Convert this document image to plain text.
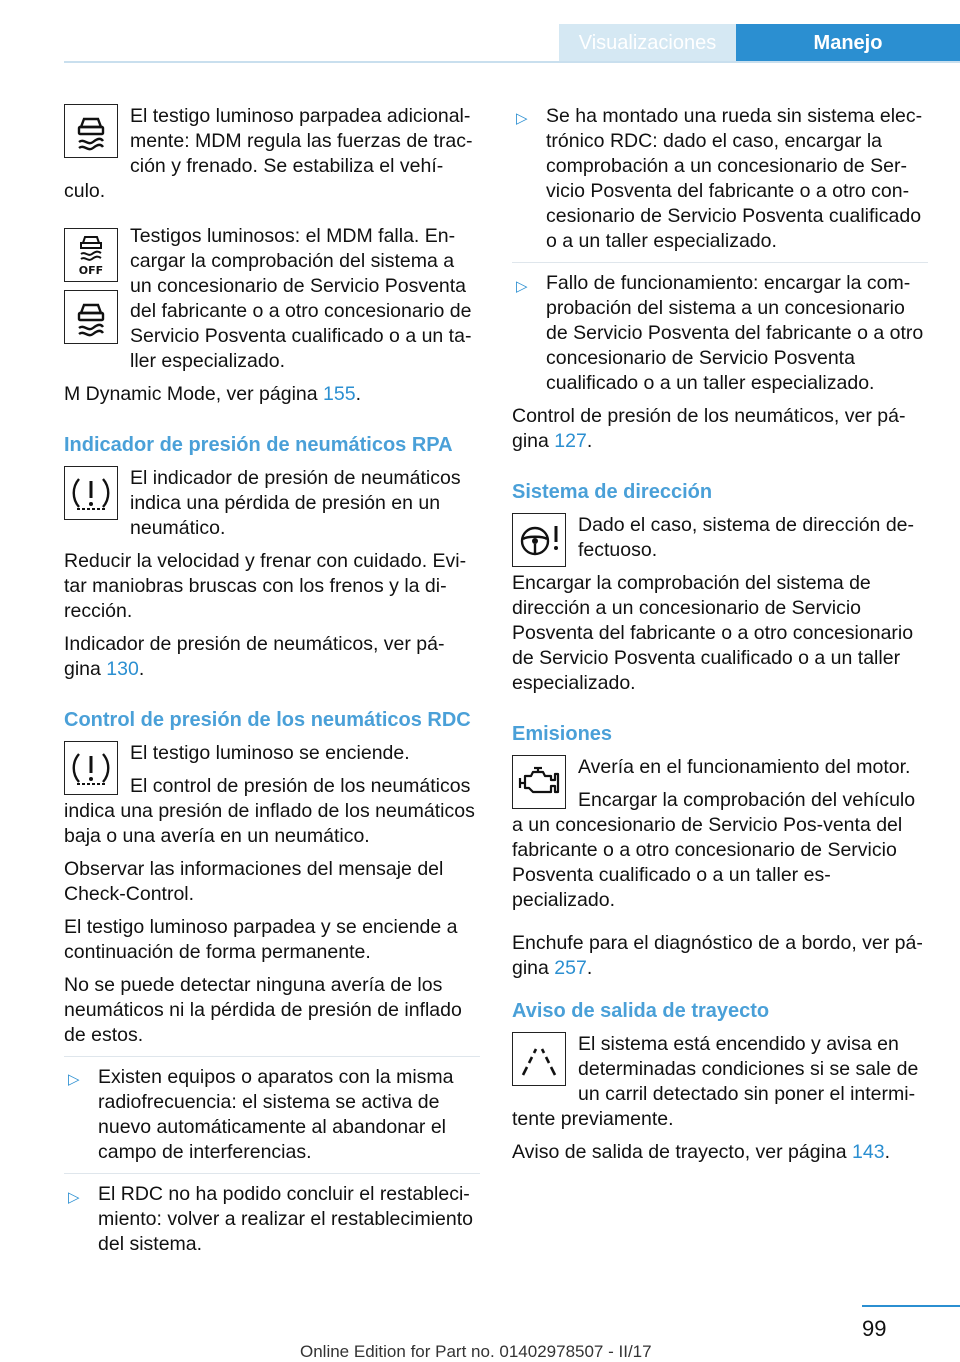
Visualizaciones	Manejo

El testigo luminoso parpadea adicional‐mente: MDM regula las fuerzas de trac‐ción y frenado. Se estabiliza el vehí‐culo.

OFF

Testigos luminosos: el MDM falla. En‐cargar la comprobación del sistema a un concesionario de Servicio Posventa del fabricante o a otro concesionario de Servicio Posventa cualificado o a un ta‐ller especializado.

M Dynamic Mode, ver página 155.

Indicador de presión de neumáticos RPA

El indicador de presión de neumáticos indica una pérdida de presión en un neumático.

Reducir la velocidad y frenar con cuidado. Evi‐tar maniobras bruscas con los frenos y la di‐rección.

Indicador de presión de neumáticos, ver pá‐gina 130.

Control de presión de los neumáticos RDC

El testigo luminoso se enciende.

El control de presión de los neumáticos indica una presión de inflado de los neumáticos baja o una avería en un neumático.

Observar las informaciones del mensaje del Check-Control.

El testigo luminoso parpadea y se enciende a continuación de forma permanente.

No se puede detectar ninguna avería de los neumáticos ni la pérdida de presión de inflado de estos.

▷ Existen equipos o aparatos con la misma radiofrecuencia: el sistema se activa de nuevo automáticamente al abandonar el campo de interferencias.
▷ El RDC no ha podido concluir el restableci‐miento: volver a realizar el restablecimiento del sistema.
▷ Se ha montado una rueda sin sistema elec‐trónico RDC: dado el caso, encargar la comprobación a un concesionario de Ser‐vicio Posventa del fabricante o a otro con‐cesionario de Servicio Posventa cualificado o a un taller especializado.
▷ Fallo de funcionamiento: encargar la com‐probación del sistema a un concesionario de Servicio Posventa del fabricante o a otro concesionario de Servicio Posventa cualificado o a un taller especializado.

Control de presión de los neumáticos, ver pá‐gina 127.

Sistema de dirección

Dado el caso, sistema de dirección de‐fectuoso.

Encargar la comprobación del sistema de dirección a un concesionario de Servicio Posventa del fabricante o a otro concesionario de Servicio Posventa cualificado o a un taller especializado.

Emisiones

Avería en el funcionamiento del motor.

Encargar la comprobación del vehículo a un concesionario de Servicio Pos‐venta del fabricante o a otro concesionario de Servicio Posventa cualificado o a un taller es‐pecializado.

Enchufe para el diagnóstico de a bordo, ver pá‐gina 257.

Aviso de salida de trayecto

El sistema está encendido y avisa en determinadas condiciones si se sale de un carril detectado sin poner el intermi‐tente previamente.

Aviso de salida de trayecto, ver página 143.

99
Online Edition for Part no. 01402978507 - II/17
